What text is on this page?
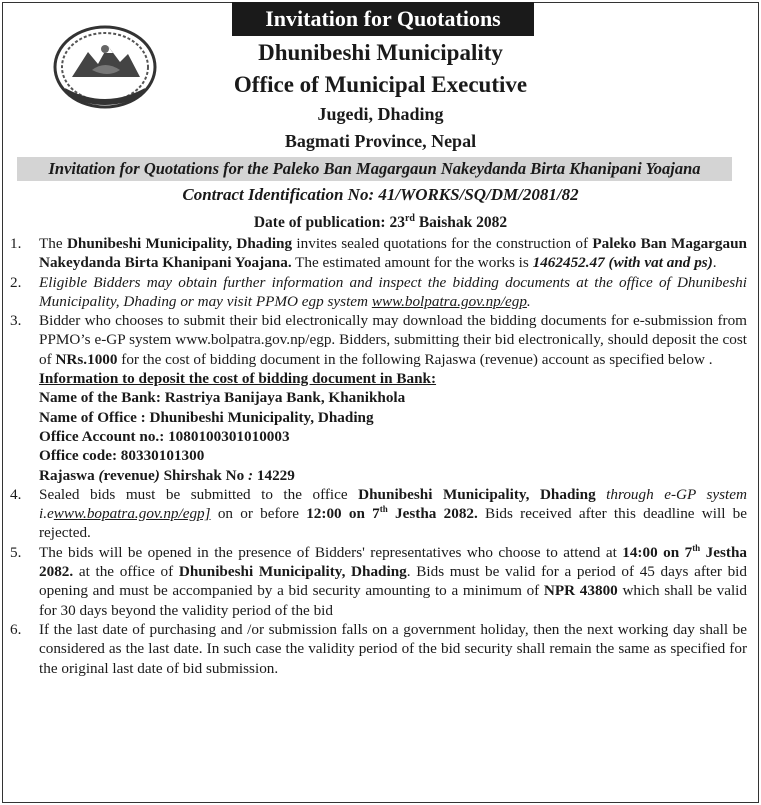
Invitation for Quotations
Dhunibeshi Municipality
Office of Municipal Executive
Jugedi, Dhading
Bagmati Province, Nepal
Invitation for Quotations for the Paleko Ban Magargaun Nakeydanda Birta Khanipani Yoajana
Contract Identification No: 41/WORKS/SQ/DM/2081/82
Date of publication: 23rd Baishak 2082

1. The Dhunibeshi Municipality, Dhading invites sealed quotations for the construction of Paleko Ban Magargaun Nakeydanda Birta Khanipani Yoajana. The estimated amount for the works is 1462452.47 (with vat and ps).

2. Eligible Bidders may obtain further information and inspect the bidding documents at the office of Dhunibeshi Municipality, Dhading or may visit PPMO egp system www.bolpatra.gov.np/egp.

3. Bidder who chooses to submit their bid electronically may download the bidding documents for e-submission from PPMO’s e-GP system www.bolpatra.gov.np/egp. Bidders, submitting their bid electronically, should deposit the cost of NRs.1000 for the cost of bidding document in the following Rajaswa (revenue) account as specified below .

Information to deposit the cost of bidding document in Bank:
Name of the Bank: Rastriya Banijaya Bank, Khanikhola
Name of Office : Dhunibeshi Municipality, Dhading
Office Account no.: 1080100301010003
Office code: 80330101300
Rajaswa (revenue) Shirshak No : 14229

4. Sealed bids must be submitted to the office Dhunibeshi Municipality, Dhading through e-GP system i.ewww.bopatra.gov.np/egp] on or before 12:00 on 7th Jestha 2082. Bids received after this deadline will be rejected.

5. The bids will be opened in the presence of Bidders' representatives who choose to attend at 14:00 on 7th Jestha 2082. at the office of Dhunibeshi Municipality, Dhading. Bids must be valid for a period of 45 days after bid opening and must be accompanied by a bid security amounting to a minimum of NPR 43800 which shall be valid for 30 days beyond the validity period of the bid

6. If the last date of purchasing and /or submission falls on a government holiday, then the next working day shall be considered as the last date. In such case the validity period of the bid security shall remain the same as specified for the original last date of bid submission.
